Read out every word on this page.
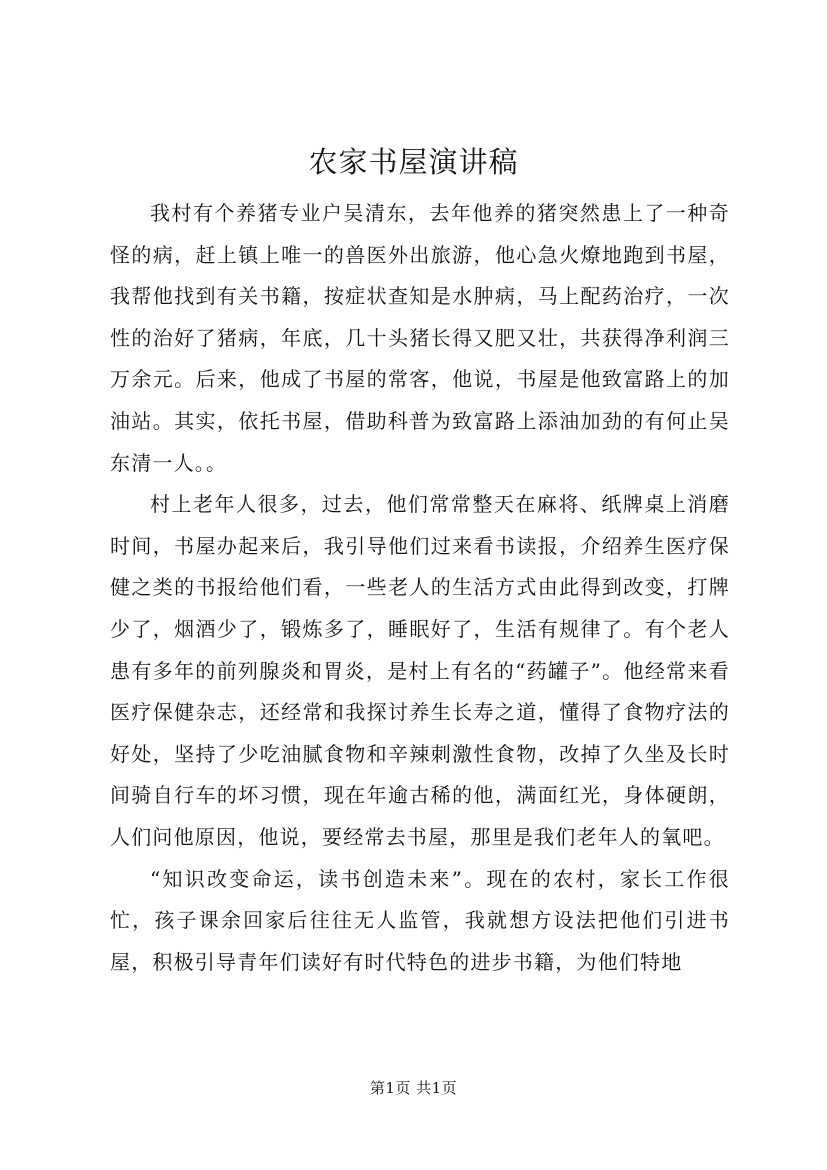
农家书屋演讲稿

我村有个养猪专业户吴清东，去年他养的猪突然患上了一种奇怪的病，赶上镇上唯一的兽医外出旅游，他心急火燎地跑到书屋，我帮他找到有关书籍，按症状查知是水肿病，马上配药治疗，一次性的治好了猪病，年底，几十头猪长得又肥又壮，共获得净利润三万余元。后来，他成了书屋的常客，他说，书屋是他致富路上的加油站。其实，依托书屋，借助科普为致富路上添油加劲的有何止吴东清一人。。

村上老年人很多，过去，他们常常整天在麻将、纸牌桌上消磨时间，书屋办起来后，我引导他们过来看书读报，介绍养生医疗保健之类的书报给他们看，一些老人的生活方式由此得到改变，打牌少了，烟酒少了，锻炼多了，睡眠好了，生活有规律了。有个老人患有多年的前列腺炎和胃炎，是村上有名的“药罐子”。他经常来看医疗保健杂志，还经常和我探讨养生长寿之道，懂得了食物疗法的好处，坚持了少吃油腻食物和辛辣刺激性食物，改掉了久坐及长时间骑自行车的坏习惯，现在年逾古稀的他，满面红光，身体硬朗，人们问他原因，他说，要经常去书屋，那里是我们老年人的氧吧。

“知识改变命运，读书创造未来”。现在的农村，家长工作很忙，孩子课余回家后往往无人监管，我就想方设法把他们引进书屋，积极引导青年们读好有时代特色的进步书籍，为他们特地

第1页 共1页
